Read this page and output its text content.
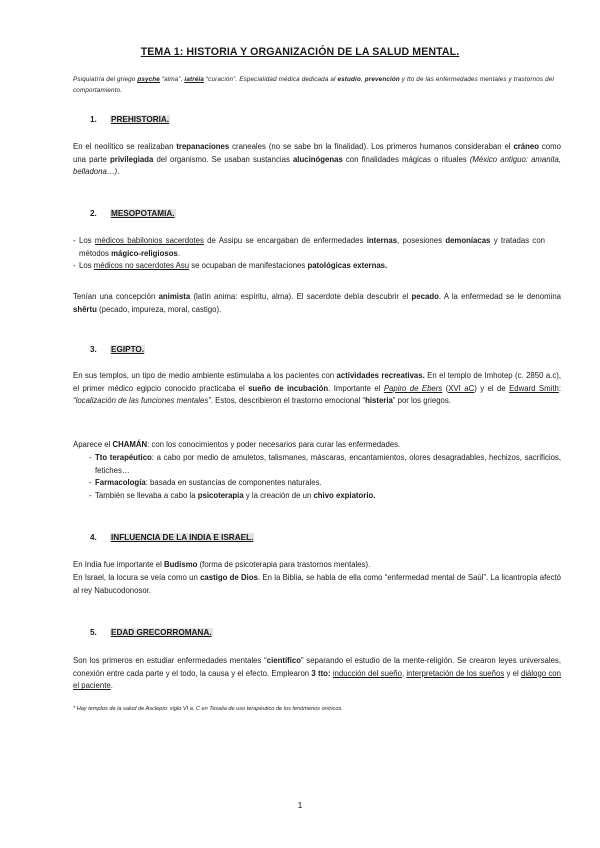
TEMA 1: HISTORIA Y ORGANIZACIÓN DE LA SALUD MENTAL.
Psiquiatría del griego psyche “alma”, iatréia “curación”. Especialidad médica dedicada al estudio, prevención y tto de las enfermedades mentales y trastornos del comportamiento.
1. PREHISTORIA.
En el neolítico se realizaban trepanaciones craneales (no se sabe bn la finalidad). Los primeros humanos consideraban el cráneo como una parte privilegiada del organismo. Se usaban sustancias alucinógenas con finalidades mágicas o rituales (México antiguo: amanita, belladona…).
2. MESOPOTAMIA.
- Los médicos babilonios sacerdotes de Assipu se encargaban de enfermedades internas, posesiones demoníacas y tratadas con métodos mágico-religiosos.
- Los médicos no sacerdotes Asu se ocupaban de manifestaciones patológicas externas.
Tenían una concepción animista (latín anima: espíritu, alma). El sacerdote debía descubrir el pecado. A la enfermedad se le denomina shêrtu (pecado, impureza, moral, castigo).
3. EGIPTO.
En sus templos, un tipo de medio ambiente estimulaba a los pacientes con actividades recreativas. En el templo de Imhotep (c. 2850 a.c), el primer médico egipcio conocido practicaba el sueño de incubación. Importante el Papiro de Ebers (XVI aC) y el de Edward Smith: “localización de las funciones mentales”. Estos, describieron el trastorno emocional “histeria” por los griegos.
Aparece el CHAMÁN: con los conocimientos y poder necesarios para curar las enfermedades.
- Tto terapéutico: a cabo por medio de amuletos, talismanes, máscaras, encantamientos, olores desagradables, hechizos, sacrificios, fetiches…
- Farmacología: basada en sustancias de componentes naturales.
- También se llevaba a cabo la psicoterapia y la creación de un chivo expiatorio.
4. INFLUENCIA DE LA INDIA E ISRAEL.
En India fue importante el Budismo (forma de psicoterapia para trastornos mentales).
En Israel, la locura se veía como un castigo de Dios. En la Biblia, se habla de ella como “enfermedad mental de Saúl”. La licantropía afectó al rey Nabucodonosor.
5. EDAD GRECORROMANA.
Son los primeros en estudiar enfermedades mentales “científico” separando el estudio de la mente-religión. Se crearon leyes universales, conexión entre cada parte y el todo, la causa y el efecto. Emplearon 3 tto: inducción del sueño, interpretación de los sueños y el diálogo con el paciente.
* Hay templos de la salud de Asclepio: siglo VI a. C en Tesalia de uso terapéutico de los fenómenos oníricos.
1
